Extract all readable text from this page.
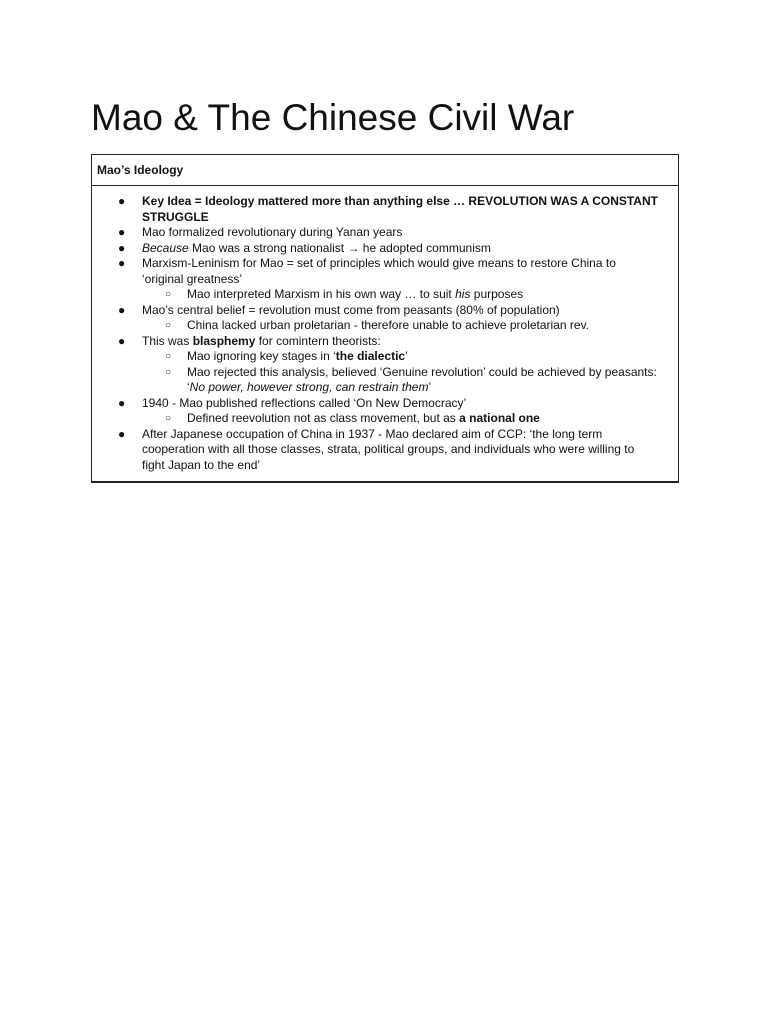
Mao & The Chinese Civil War
Mao’s Ideology
● Key Idea = Ideology mattered more than anything else … REVOLUTION WAS A CONSTANT STRUGGLE
● Mao formalized revolutionary during Yanan years
● Because Mao was a strong nationalist → he adopted communism
● Marxism-Leninism for Mao = set of principles which would give means to restore China to ‘original greatness’
○ Mao interpreted Marxism in his own way … to suit his purposes
● Mao’s central belief = revolution must come from peasants (80% of population)
○ China lacked urban proletarian - therefore unable to achieve proletarian rev.
● This was blasphemy for comintern theorists:
○ Mao ignoring key stages in ‘the dialectic’
○ Mao rejected this analysis, believed ‘Genuine revolution’ could be achieved by peasants: ‘No power, however strong, can restrain them’
● 1940 - Mao published reflections called ‘On New Democracy’
○ Defined reevolution not as class movement, but as a national one
● After Japanese occupation of China in 1937 - Mao declared aim of CCP: ‘the long term cooperation with all those classes, strata, political groups, and individuals who were willing to fight Japan to the end’
